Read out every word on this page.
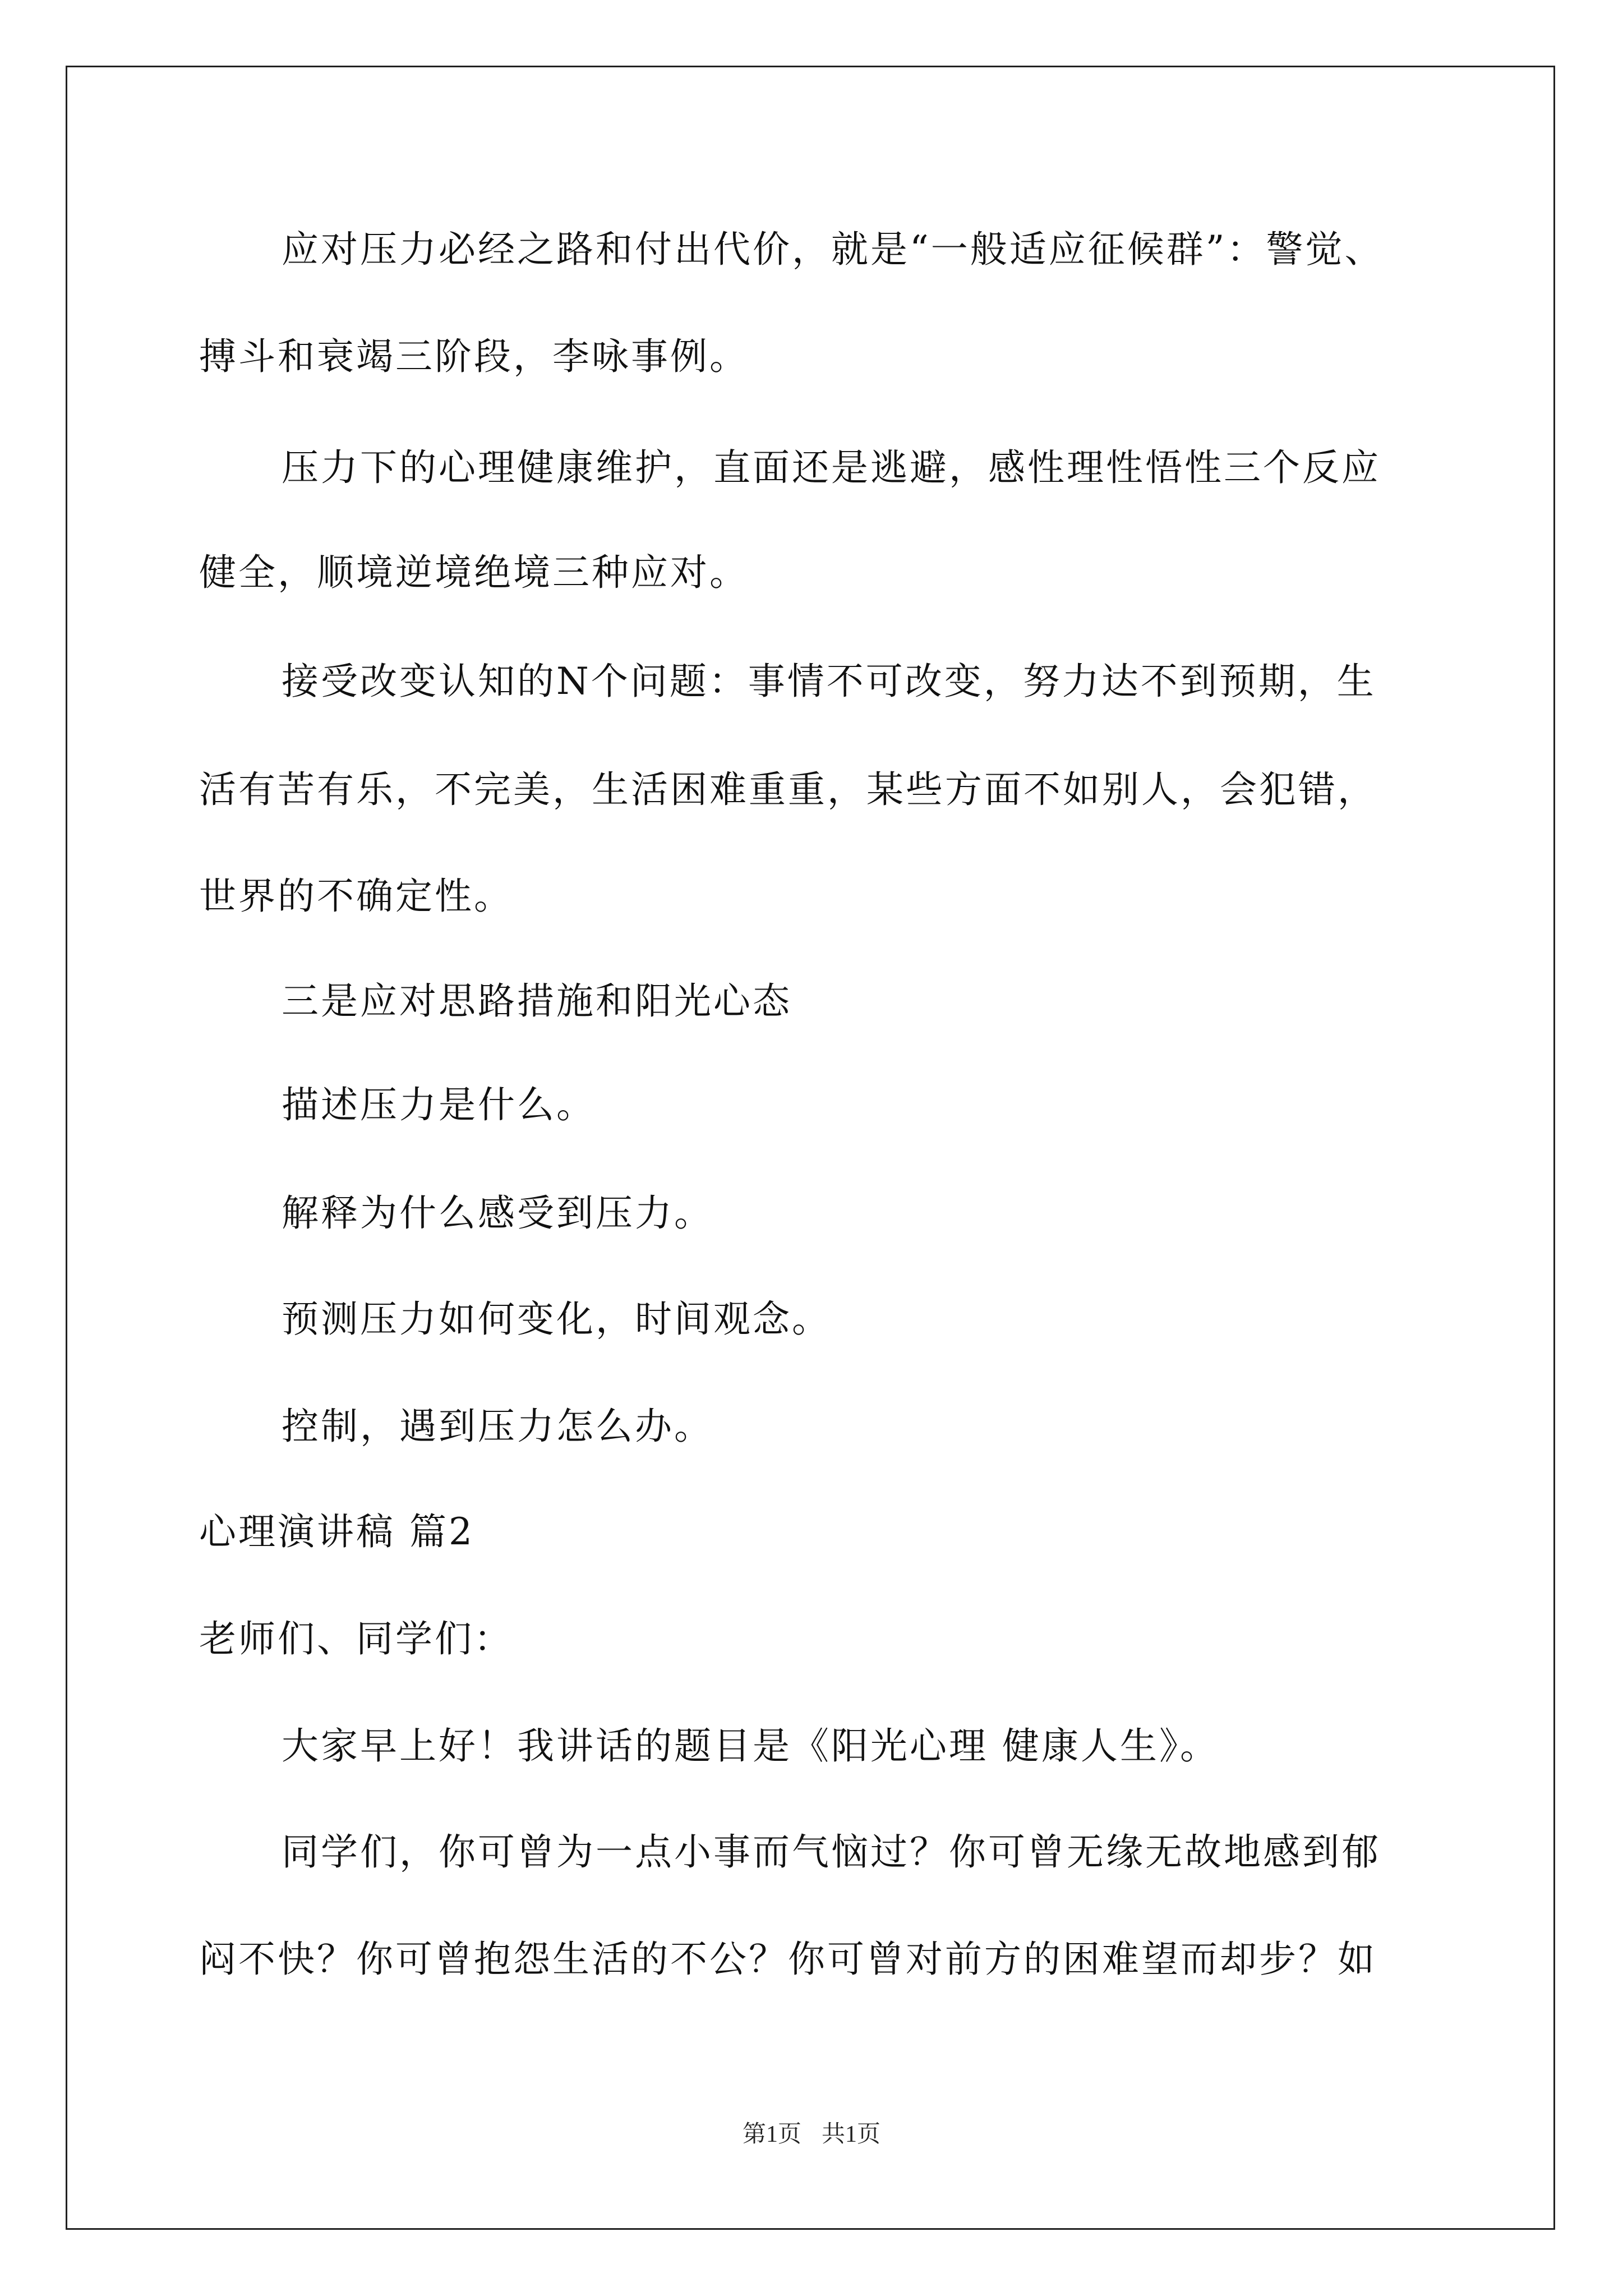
应对压力必经之路和付出代价，就是“一般适应征候群”：警觉、
搏斗和衰竭三阶段，李咏事例。
压力下的心理健康维护，直面还是逃避，感性理性悟性三个反应
健全，顺境逆境绝境三种应对。
接受改变认知的N个问题：事情不可改变，努力达不到预期，生
活有苦有乐，不完美，生活困难重重，某些方面不如别人，会犯错，
世界的不确定性。
三是应对思路措施和阳光心态
描述压力是什么。
解释为什么感受到压力。
预测压力如何变化，时间观念。
控制，遇到压力怎么办。
心理演讲稿 篇2
老师们、同学们：
大家早上好！我讲话的题目是《阳光心理 健康人生》。
同学们，你可曾为一点小事而气恼过？你可曾无缘无故地感到郁
闷不快？你可曾抱怨生活的不公？你可曾对前方的困难望而却步？如
第1页 共1页
